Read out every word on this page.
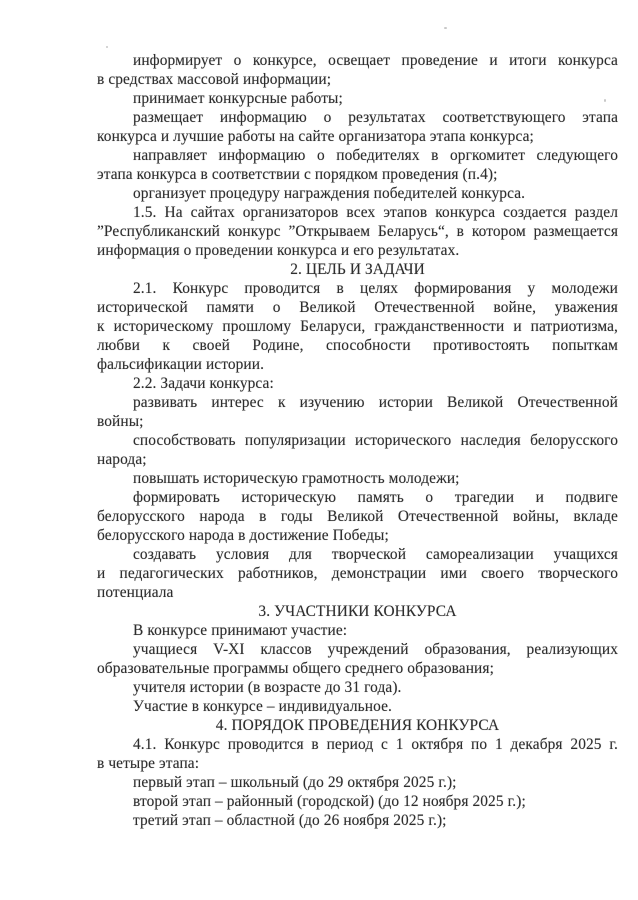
информирует о конкурсе, освещает проведение и итоги конкурса
в средствах массовой информации;
принимает конкурсные работы;
размещает информацию о результатах соответствующего этапа
конкурса и лучшие работы на сайте организатора этапа конкурса;
направляет информацию о победителях в оргкомитет следующего
этапа конкурса в соответствии с порядком проведения (п.4);
организует процедуру награждения победителей конкурса.
1.5. На сайтах организаторов всех этапов конкурса создается раздел
”Республиканский конкурс ”Открываем Беларусь“, в котором размещается
информация о проведении конкурса и его результатах.
2. ЦЕЛЬ И ЗАДАЧИ
2.1. Конкурс проводится в целях формирования у молодежи
исторической памяти о Великой Отечественной войне, уважения
к историческому прошлому Беларуси, гражданственности и патриотизма,
любви к своей Родине, способности противостоять попыткам
фальсификации истории.
2.2. Задачи конкурса:
развивать интерес к изучению истории Великой Отечественной
войны;
способствовать популяризации исторического наследия белорусского
народа;
повышать историческую грамотность молодежи;
формировать историческую память о трагедии и подвиге
белорусского народа в годы Великой Отечественной войны, вкладе
белорусского народа в достижение Победы;
создавать условия для творческой самореализации учащихся
и педагогических работников, демонстрации ими своего творческого
потенциала
3. УЧАСТНИКИ КОНКУРСА
В конкурсе принимают участие:
учащиеся V-XI классов учреждений образования, реализующих
образовательные программы общего среднего образования;
учителя истории (в возрасте до 31 года).
Участие в конкурсе – индивидуальное.
4. ПОРЯДОК ПРОВЕДЕНИЯ КОНКУРСА
4.1. Конкурс проводится в период с 1 октября по 1 декабря 2025 г.
в четыре этапа:
первый этап – школьный (до 29 октября 2025 г.);
второй этап – районный (городской) (до 12 ноября 2025 г.);
третий этап – областной (до 26 ноября 2025 г.);
